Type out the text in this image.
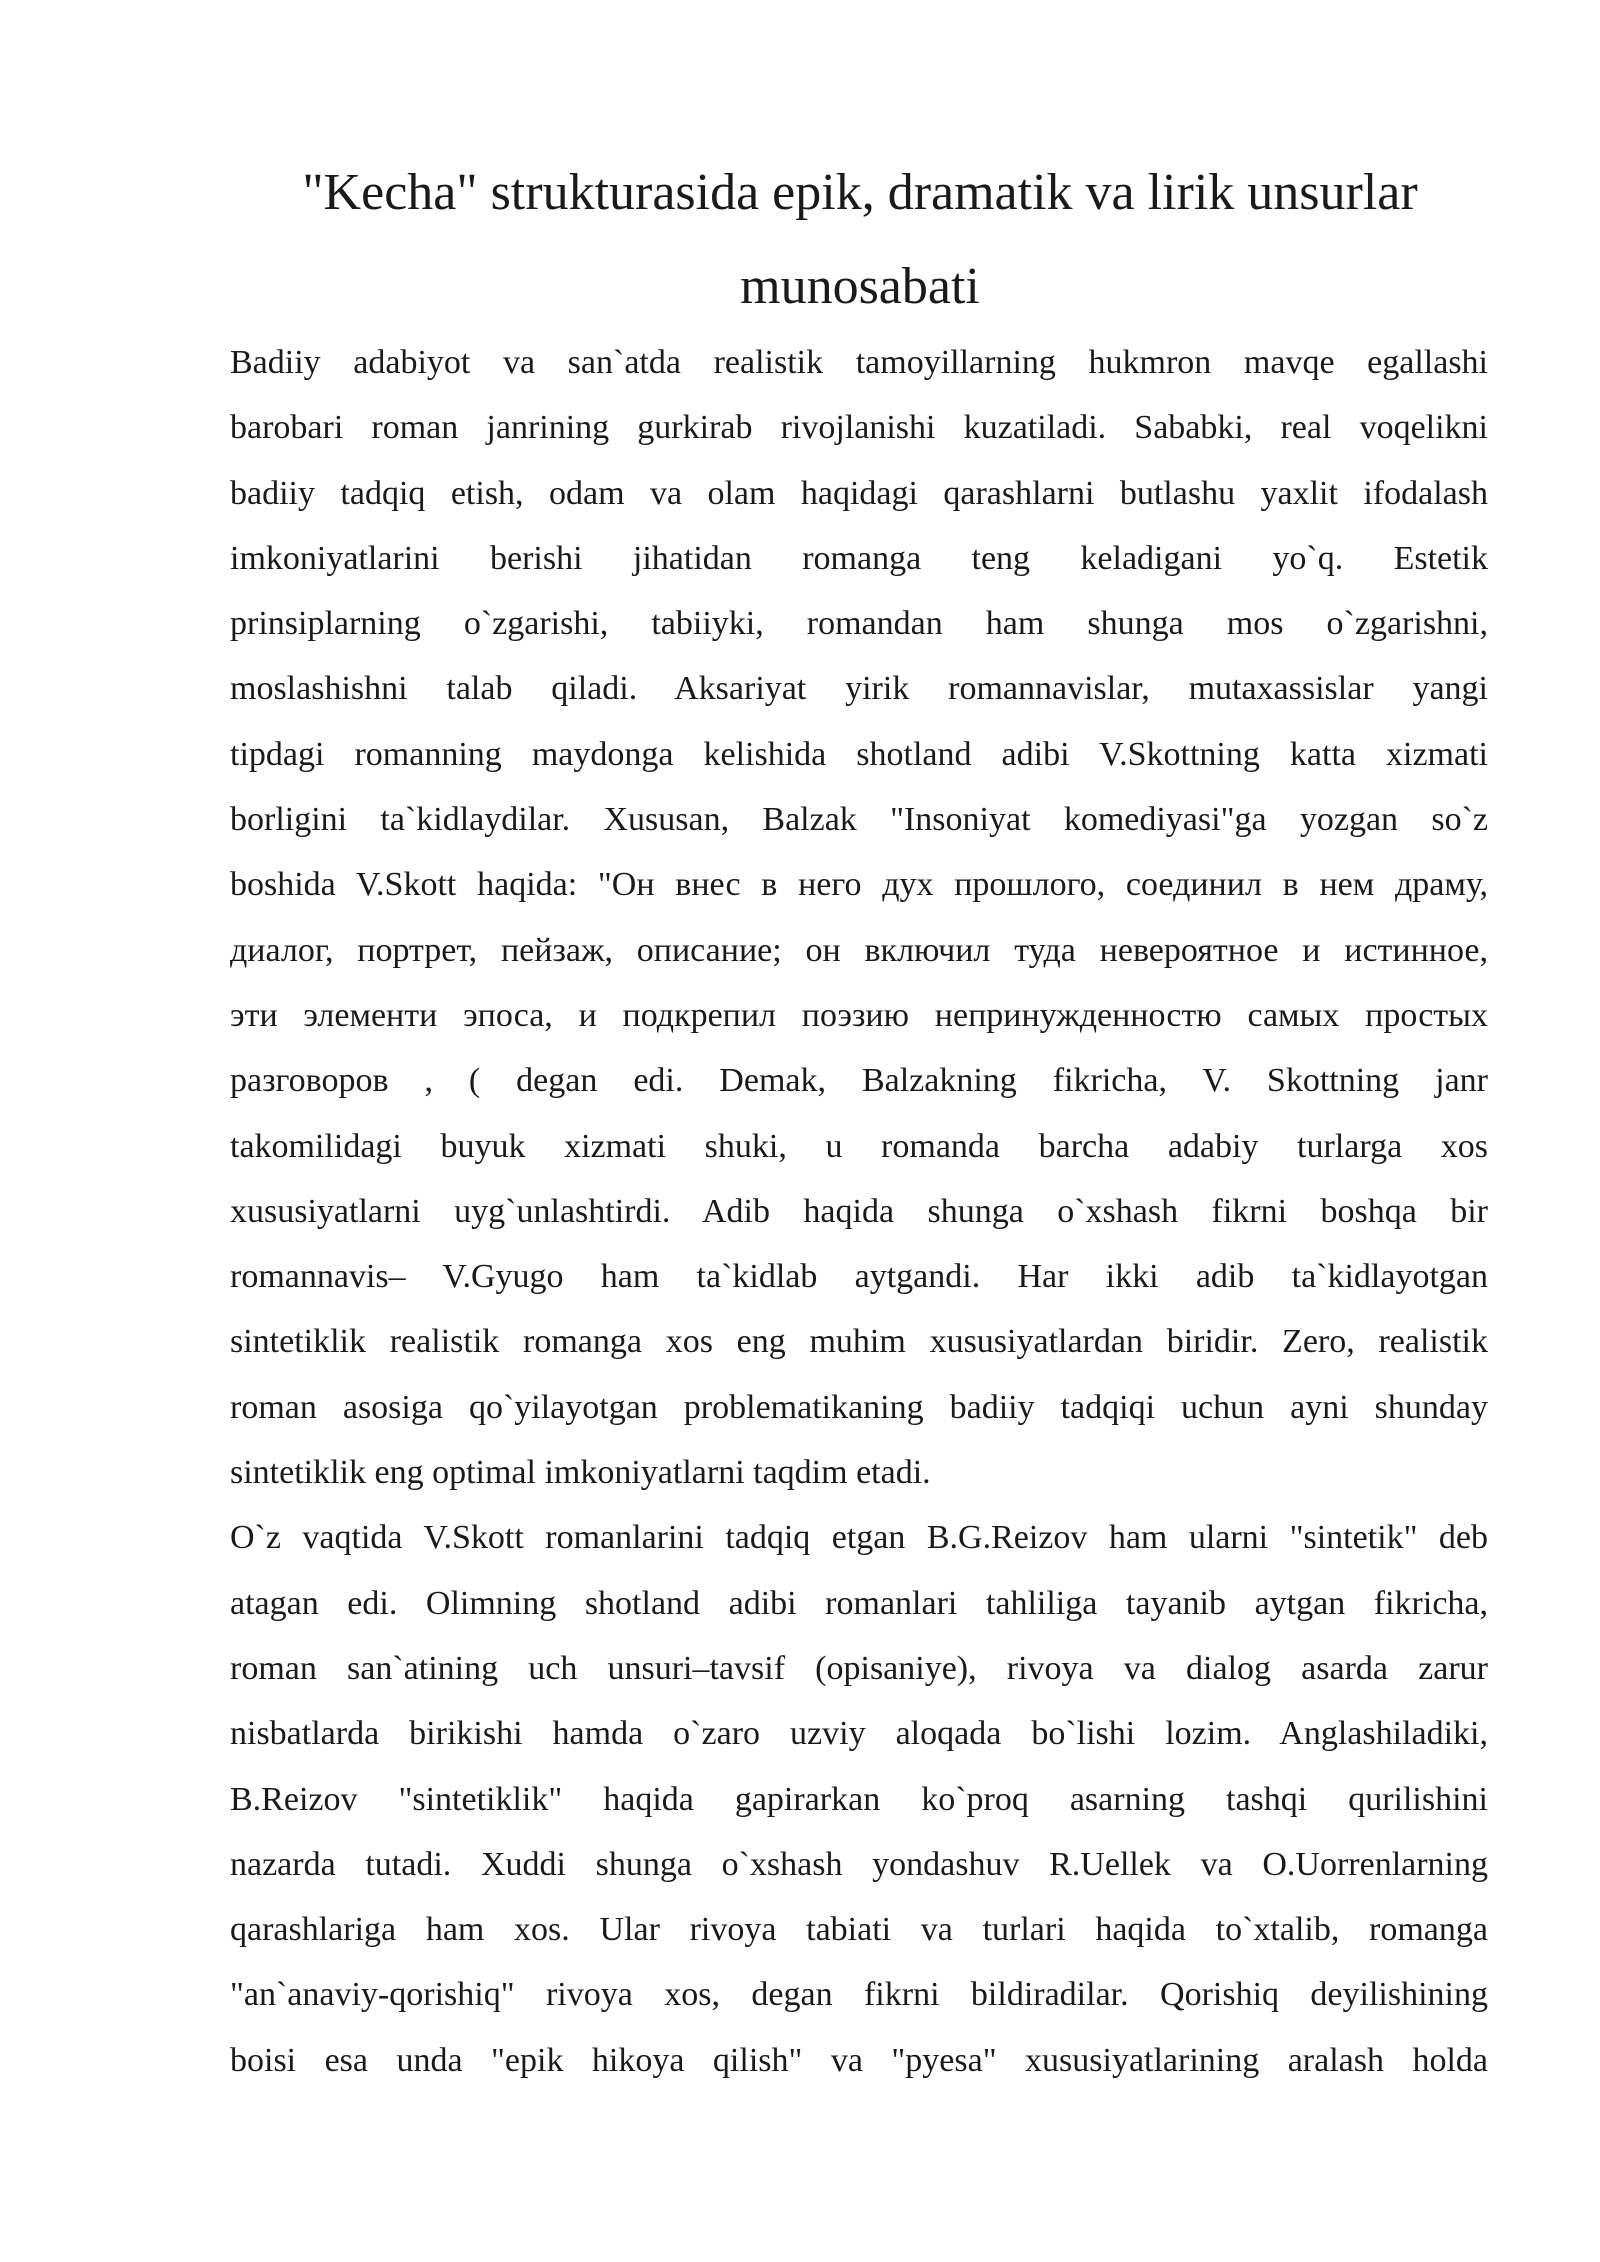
"Kecha" strukturasida epik, dramatik va lirik unsurlar
munosabati
Badiiy adabiyot va san`atda realistik tamoyillarning hukmron mavqe egallashi
barobari roman janrining gurkirab rivojlanishi kuzatiladi. Sababki, real voqelikni
badiiy tadqiq etish, odam va olam haqidagi qarashlarni butlashu yaxlit ifodalash
imkoniyatlarini berishi jihatidan romanga teng keladigani yo`q. Estetik
prinsiplarning o`zgarishi, tabiiyki, romandan ham shunga mos o`zgarishni,
moslashishni talab qiladi. Aksariyat yirik romannavislar, mutaxassislar yangi
tipdagi romanning maydonga kelishida shotland adibi V.Skottning katta xizmati
borligini ta`kidlaydilar. Xususan, Balzak "Insoniyat komediyasi"ga yozgan so`z
boshida V.Skott haqida: "Он внес в него дух прошлого, соединил в нем драму,
диалог, портрет, пейзаж, описание; он включил туда невероятное и истинное,
эти элементи эпоса, и подкрепил поэзию непринужденностю самых простых
разговоров , ( degan edi. Demak, Balzakning fikricha, V. Skottning janr
takomilidagi buyuk xizmati shuki, u romanda barcha adabiy turlarga xos
xususiyatlarni uyg`unlashtirdi. Adib haqida shunga o`xshash fikrni boshqa bir
romannavis– V.Gyugo ham ta`kidlab aytgandi. Har ikki adib ta`kidlayotgan
sintetiklik realistik romanga xos eng muhim xususiyatlardan biridir. Zero, realistik
roman asosiga qo`yilayotgan problematikaning badiiy tadqiqi uchun ayni shunday
sintetiklik eng optimal imkoniyatlarni taqdim etadi.
O`z vaqtida V.Skott romanlarini tadqiq etgan B.G.Reizov ham ularni "sintetik" deb
atagan edi. Olimning shotland adibi romanlari tahliliga tayanib aytgan fikricha,
roman san`atining uch unsuri–tavsif (opisaniye), rivoya va dialog asarda zarur
nisbatlarda birikishi hamda o`zaro uzviy aloqada bo`lishi lozim. Anglashiladiki,
B.Reizov "sintetiklik" haqida gapirarkan ko`proq asarning tashqi qurilishini
nazarda tutadi. Xuddi shunga o`xshash yondashuv R.Uellek va O.Uorrenlarning
qarashlariga ham xos. Ular rivoya tabiati va turlari haqida to`xtalib, romanga
"an`anaviy-qorishiq" rivoya xos, degan fikrni bildiradilar. Qorishiq deyilishining
boisi esa unda "epik hikoya qilish" va "pyesa" xususiyatlarining aralash holda
